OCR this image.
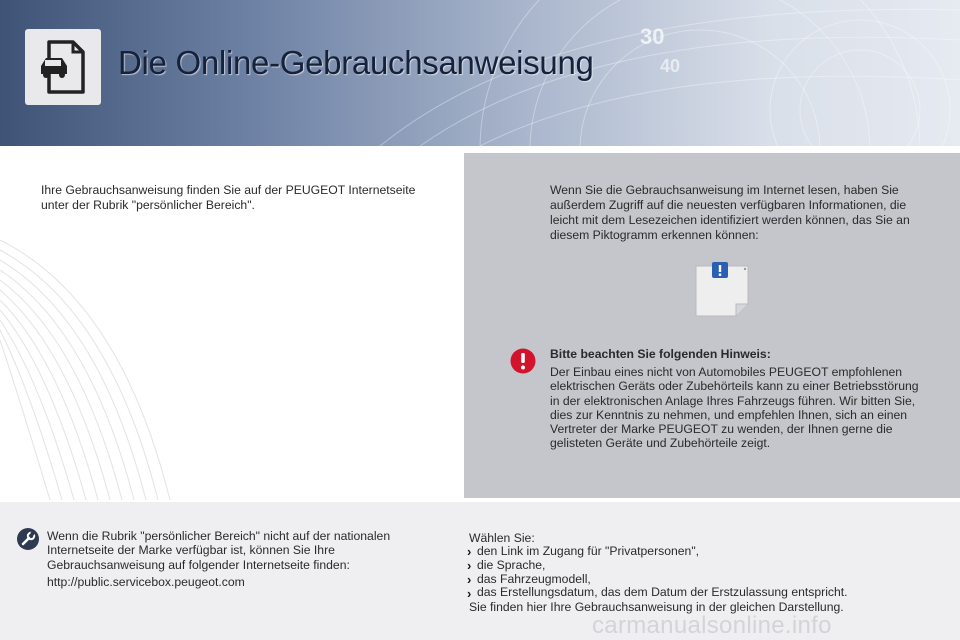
30
40
Die Online-Gebrauchsanweisung

Ihre Gebrauchsanweisung finden Sie auf der PEUGEOT Internetseite unter der Rubrik "persönlicher Bereich".

Wenn Sie die Gebrauchsanweisung im Internet lesen, haben Sie außerdem Zugriff auf die neuesten verfügbaren Informationen, die leicht mit dem Lesezeichen identifiziert werden können, das Sie an diesem Piktogramm erkennen können:

Bitte beachten Sie folgenden Hinweis:

Der Einbau eines nicht von Automobiles PEUGEOT empfohlenen elektrischen Geräts oder Zubehörteils kann zu einer Betriebsstörung in der elektronischen Anlage Ihres Fahrzeugs führen. Wir bitten Sie, dies zur Kenntnis zu nehmen, und empfehlen Ihnen, sich an einen Vertreter der Marke PEUGEOT zu wenden, der Ihnen gerne die gelisteten Geräte und Zubehörteile zeigt.

Wenn die Rubrik "persönlicher Bereich" nicht auf der nationalen Internetseite der Marke verfügbar ist, können Sie Ihre Gebrauchsanweisung auf folgender Internetseite finden:

http://public.servicebox.peugeot.com

Wählen Sie:

› den Link im Zugang für "Privatpersonen",
› die Sprache,
› das Fahrzeugmodell,
› das Erstellungsdatum, das dem Datum der Erstzulassung entspricht.

Sie finden hier Ihre Gebrauchsanweisung in der gleichen Darstellung.

carmanualsonline.info
